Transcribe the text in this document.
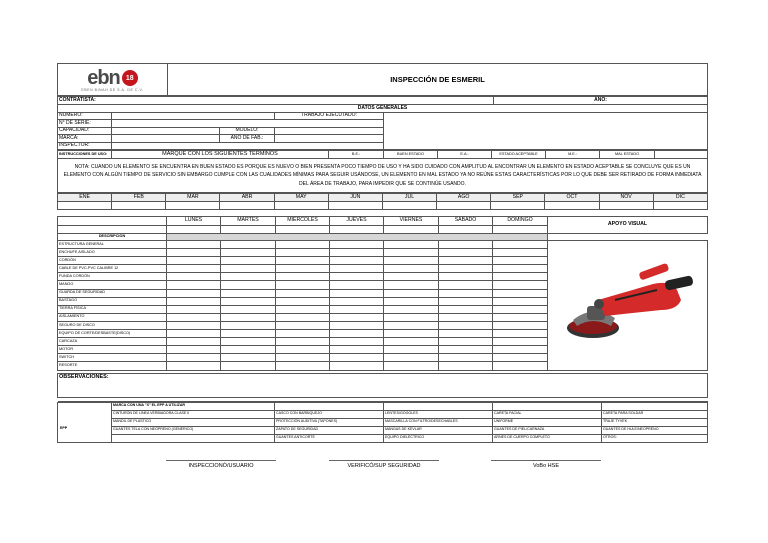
ebn 18
EBEN BINAH DE S.A. DE C.V.
	INSPECCIÓN DE ESMERIL
CONTRATISTA:					AÑO:
DATOS GENERALES					
NUMERO:			TRABAJO EJECUTADO:		
N° DE SERIE:					
CAPACIDAD:		MODELO:			
MARCA:		AÑO DE FAB.:			
INSPECTOR:					
INSTRUCCIONES DE USO:	MARQUE CON LOS SIGUIENTES TÉRMINOS	B.E.:	BUEN ESTADO	E.A.:	ESTADO ACEPTABLE	M.E.:	MAL ESTADO	
NOTA: CUANDO UN ELEMENTO SE ENCUENTRA EN BUEN ESTADO ES PORQUE ES NUEVO O BIEN PRESENTA POCO TIEMPO DE USO Y HA SIDO CUIDADO CON AMPLITUD AL ENCONTRAR UN ELEMENTO EN ESTADO ACEPTABLE SE CONCLUYE QUE ES UN ELEMENTO CON ALGÚN TIEMPO DE SERVICIO SIN EMBARGO CUMPLE CON LAS CUALIDADES MÍNIMAS PARA SEGUIR USÁNDOSE, UN ELEMENTO EN MAL ESTADO YA NO REÚNE ESTAS CARACTERÍSTICAS POR LO QUE DEBE SER RETIRADO DE FORMA INMEDIATA DEL ÁREA DE TRABAJO, PARA IMPEDIR QUE SE CONTINÚE USANDO.
ENE	FEB	MAR	ABR	MAY	JUN	JUL	AGO	SEP	OCT	NOV	DIC

	LUNES	MARTES	MIÉRCOLES	JUEVES	VIERNES	SÁBADO	DOMINGO	APOYO VISUAL

DESCRIPCIÓN								
ESTRUCTURA GENERAL								

ENCHUFE AISLADO								
CORDÓN								
CABLE DE PVC-PVC CALIBRE 12								
FUNDA CORDÓN								
MANGO								
GUARDA DE SEGURIDAD								
BASTAGO								
TIERRA FÍSICA								
AISLAMIENTO								
SEGURO DE DISCO								
EQUIPO DE CORTE/DESBASTE(DISCO)								
CARCAZA								
MOTOR								
SWITCH								
RESORTE								
OBSERVACIONES:

EPP	MARCA CON UNA "X" EL EPP A UTILIZAR				
	CINTURÓN DE LÍNEA VERBIADORA CLASE II	CASCO CON BARBIQUEJO	LENTES/GOGGLES	CARETA FACIAL	CARETA PARA SOLDAR
	MANDIL DE PLÁSTICO	PROTECCIÓN AUDITIVA (TAPONES)	MASCARILLA CON FILTRO/DESECHABLES	UNIFORME	TRAJE TYVEK
	GUANTES TELA CON NEOPRENO (GENÉRICO)	ZAPATO DE SEGURIDAD	MANGAS DE KEVLAR	GUANTES DE PIEL/CARNAZA	GUANTES DE HULE/NEOPRENO
		GUANTES ANTICORTE	EQUIPO DIELÉCTRICO	ARNÉS DE CUERPO COMPLETO	OTROS:
INSPECCIONÓ/USUARIO	VERIFICÓ/SUP SEGURIDAD	VoBo HSE
